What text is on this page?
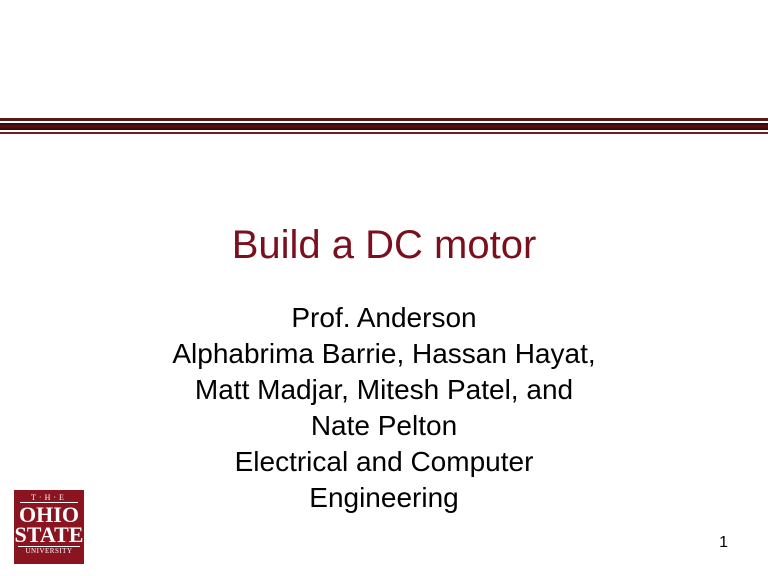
Build a DC motor
Prof. Anderson
Alphabrima Barrie, Hassan Hayat,
Matt Madjar, Mitesh Patel, and
Nate Pelton
Electrical and Computer
Engineering
T·H·E
OHIO
STATE
UNIVERSITY	1
